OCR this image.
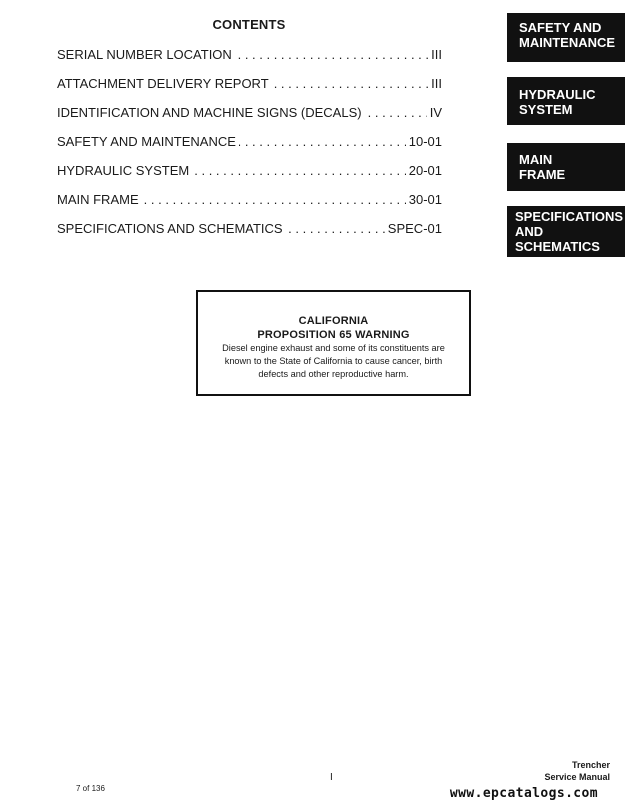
CONTENTS
SERIAL NUMBER LOCATION	III
. . .
ATTACHMENT DELIVERY REPORT	III
. . .
IDENTIFICATION AND MACHINE SIGNS (DECALS)	IV
. . .
SAFETY AND MAINTENANCE	10-01
. . .
HYDRAULIC SYSTEM	20-01
. . .
MAIN FRAME	30-01
. . .
SPECIFICATIONS AND SCHEMATICS	SPEC-01
. . .
SAFETY AND
MAINTENANCE
HYDRAULIC
SYSTEM
MAIN
FRAME
SPECIFICATIONS
AND
SCHEMATICS
CALIFORNIA
PROPOSITION 65 WARNING
Diesel engine exhaust and some of its constituents are
known to the State of California to cause cancer, birth
defects and other reproductive harm.
7 of 136
I
Trencher
Service Manual
www.epcatalogs.com
